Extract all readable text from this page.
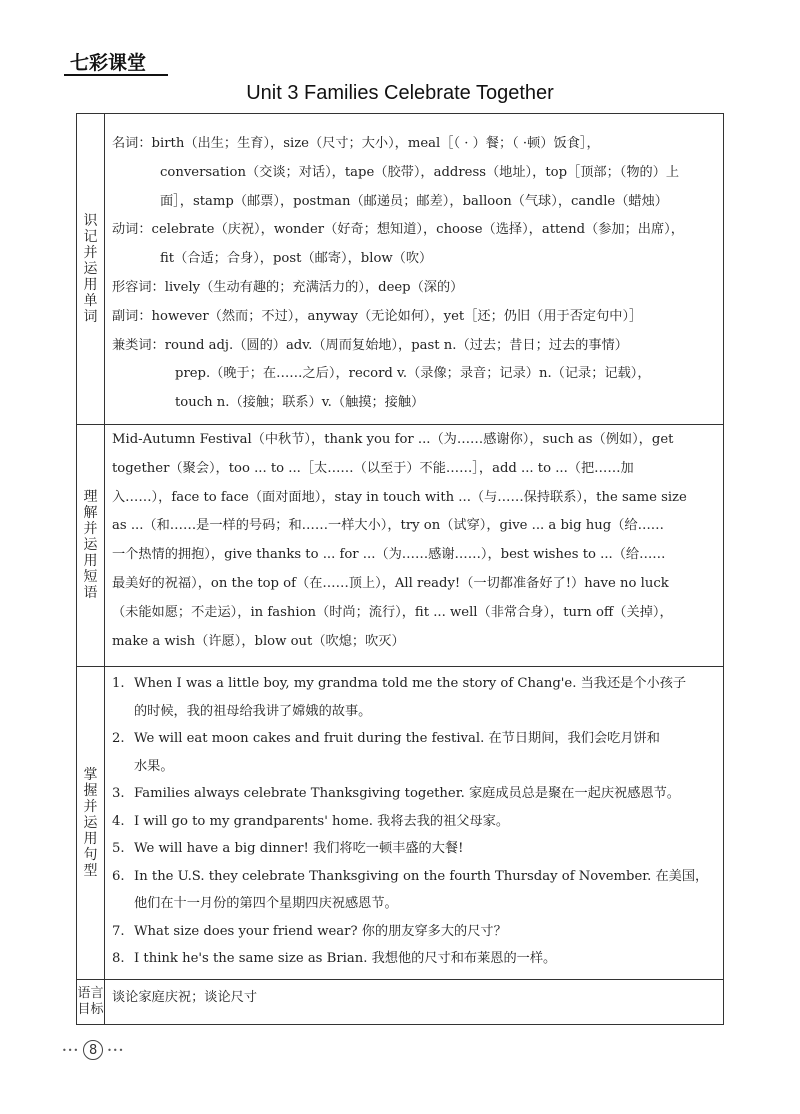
七彩课堂
Unit 3 Families Celebrate Together
识
记
并
运
用
单
词
名词：birth（出生；生育），size（尺寸；大小），meal［（ · ）餐；（ ·顿）饭食］，
conversation（交谈；对话），tape（胶带），address（地址），top［顶部；（物的）上
面］，stamp（邮票），postman（邮递员；邮差），balloon（气球），candle（蜡烛）
动词：celebrate（庆祝），wonder（好奇；想知道），choose（选择），attend（参加；出席），
fit（合适；合身），post（邮寄），blow（吹）
形容词：lively（生动有趣的；充满活力的），deep（深的）
副词：however（然而；不过），anyway（无论如何），yet［还；仍旧（用于否定句中）］
兼类词：round adj.（圆的）adv.（周而复始地），past n.（过去；昔日；过去的事情）
prep.（晚于；在……之后），record v.（录像；录音；记录）n.（记录；记载），
touch n.（接触；联系）v.（触摸；接触）
理
解
并
运
用
短
语
Mid-Autumn Festival（中秋节），thank you for ...（为……感谢你），such as（例如），get
together（聚会），too ... to ...［太……（以至于）不能……］，add ... to ...（把……加
入……），face to face（面对面地），stay in touch with ...（与……保持联系），the same size
as ...（和……是一样的号码；和……一样大小），try on（试穿），give ... a big hug（给……
一个热情的拥抱），give thanks to ... for ...（为……感谢……），best wishes to ...（给……
最美好的祝福），on the top of（在……顶上），All ready!（一切都准备好了!）have no luck
（未能如愿；不走运），in fashion（时尚；流行），fit ... well（非常合身），turn off（关掉），
make a wish（许愿），blow out（吹熄；吹灭）
掌
握
并
运
用
句
型
1. When I was a little boy, my grandma told me the story of Chang'e. 当我还是个小孩子
的时候，我的祖母给我讲了嫦娥的故事。
2. We will eat moon cakes and fruit during the festival. 在节日期间，我们会吃月饼和
水果。
3. Families always celebrate Thanksgiving together. 家庭成员总是聚在一起庆祝感恩节。
4. I will go to my grandparents' home. 我将去我的祖父母家。
5. We will have a big dinner! 我们将吃一顿丰盛的大餐!
6. In the U.S. they celebrate Thanksgiving on the fourth Thursday of November. 在美国，
他们在十一月份的第四个星期四庆祝感恩节。
7. What size does your friend wear? 你的朋友穿多大的尺寸？
8. I think he's the same size as Brian. 我想他的尺寸和布莱恩的一样。
语言
目标
谈论家庭庆祝；谈论尺寸
••• 8	•••
